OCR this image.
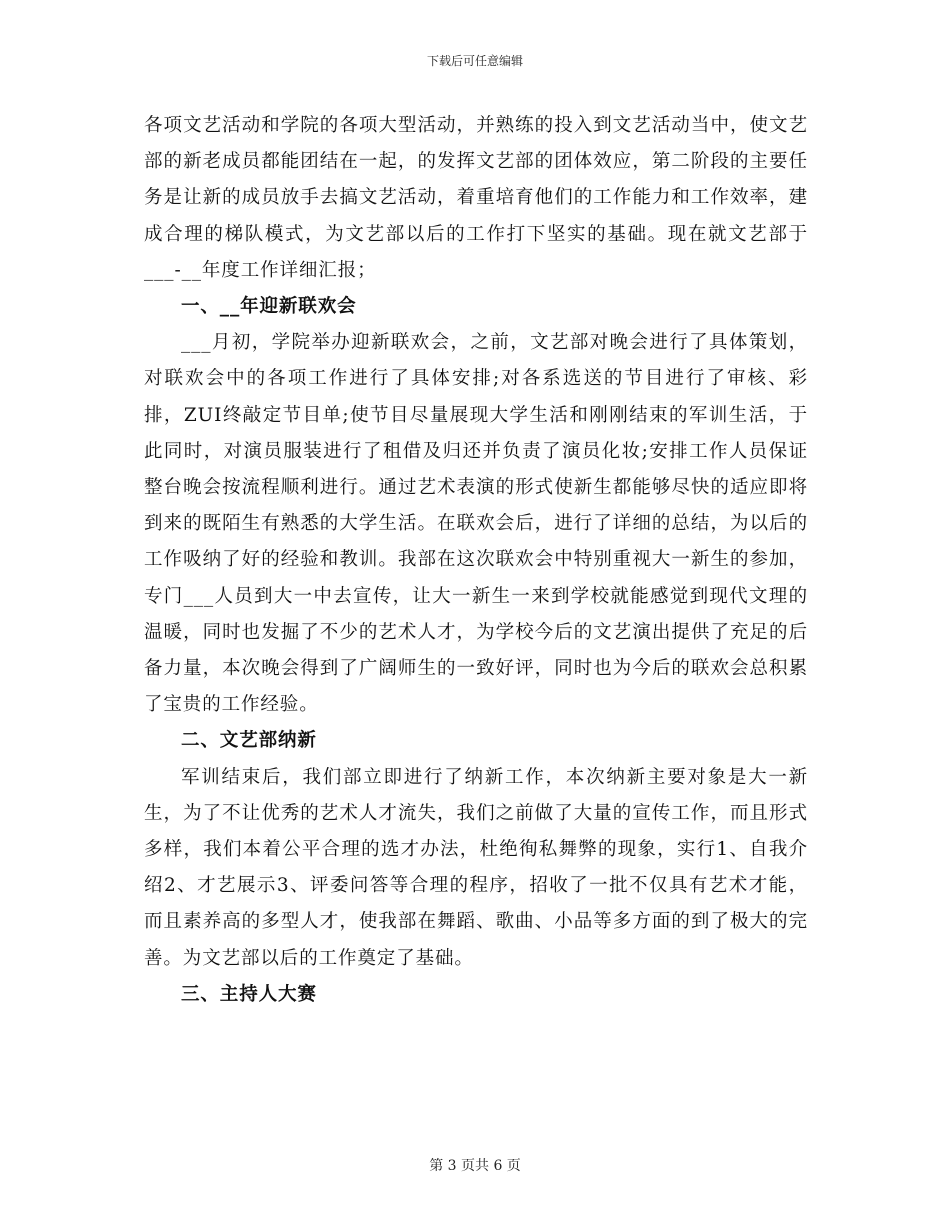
下载后可任意编辑

各项文艺活动和学院的各项大型活动，并熟练的投入到文艺活动当中，使文艺部的新老成员都能团结在一起，的发挥文艺部的团体效应，第二阶段的主要任务是让新的成员放手去搞文艺活动，着重培育他们的工作能力和工作效率，建成合理的梯队模式，为文艺部以后的工作打下坚实的基础。现在就文艺部于___-__年度工作详细汇报；

一、__年迎新联欢会

___月初，学院举办迎新联欢会，之前，文艺部对晚会进行了具体策划，对联欢会中的各项工作进行了具体安排;对各系选送的节目进行了审核、彩排，ZUI终敲定节目单;使节目尽量展现大学生活和刚刚结束的军训生活，于此同时，对演员服装进行了租借及归还并负责了演员化妆;安排工作人员保证整台晚会按流程顺利进行。通过艺术表演的形式使新生都能够尽快的适应即将到来的既陌生有熟悉的大学生活。在联欢会后，进行了详细的总结，为以后的工作吸纳了好的经验和教训。我部在这次联欢会中特别重视大一新生的参加，专门___人员到大一中去宣传，让大一新生一来到学校就能感觉到现代文理的温暖，同时也发掘了不少的艺术人才，为学校今后的文艺演出提供了充足的后备力量，本次晚会得到了广阔师生的一致好评，同时也为今后的联欢会总积累了宝贵的工作经验。

二、文艺部纳新

军训结束后，我们部立即进行了纳新工作，本次纳新主要对象是大一新生，为了不让优秀的艺术人才流失，我们之前做了大量的宣传工作，而且形式多样，我们本着公平合理的选才办法，杜绝徇私舞弊的现象，实行1、自我介绍2、才艺展示3、评委问答等合理的程序，招收了一批不仅具有艺术才能，而且素养高的多型人才，使我部在舞蹈、歌曲、小品等多方面的到了极大的完善。为文艺部以后的工作奠定了基础。

三、主持人大赛

第 3 页共 6 页
